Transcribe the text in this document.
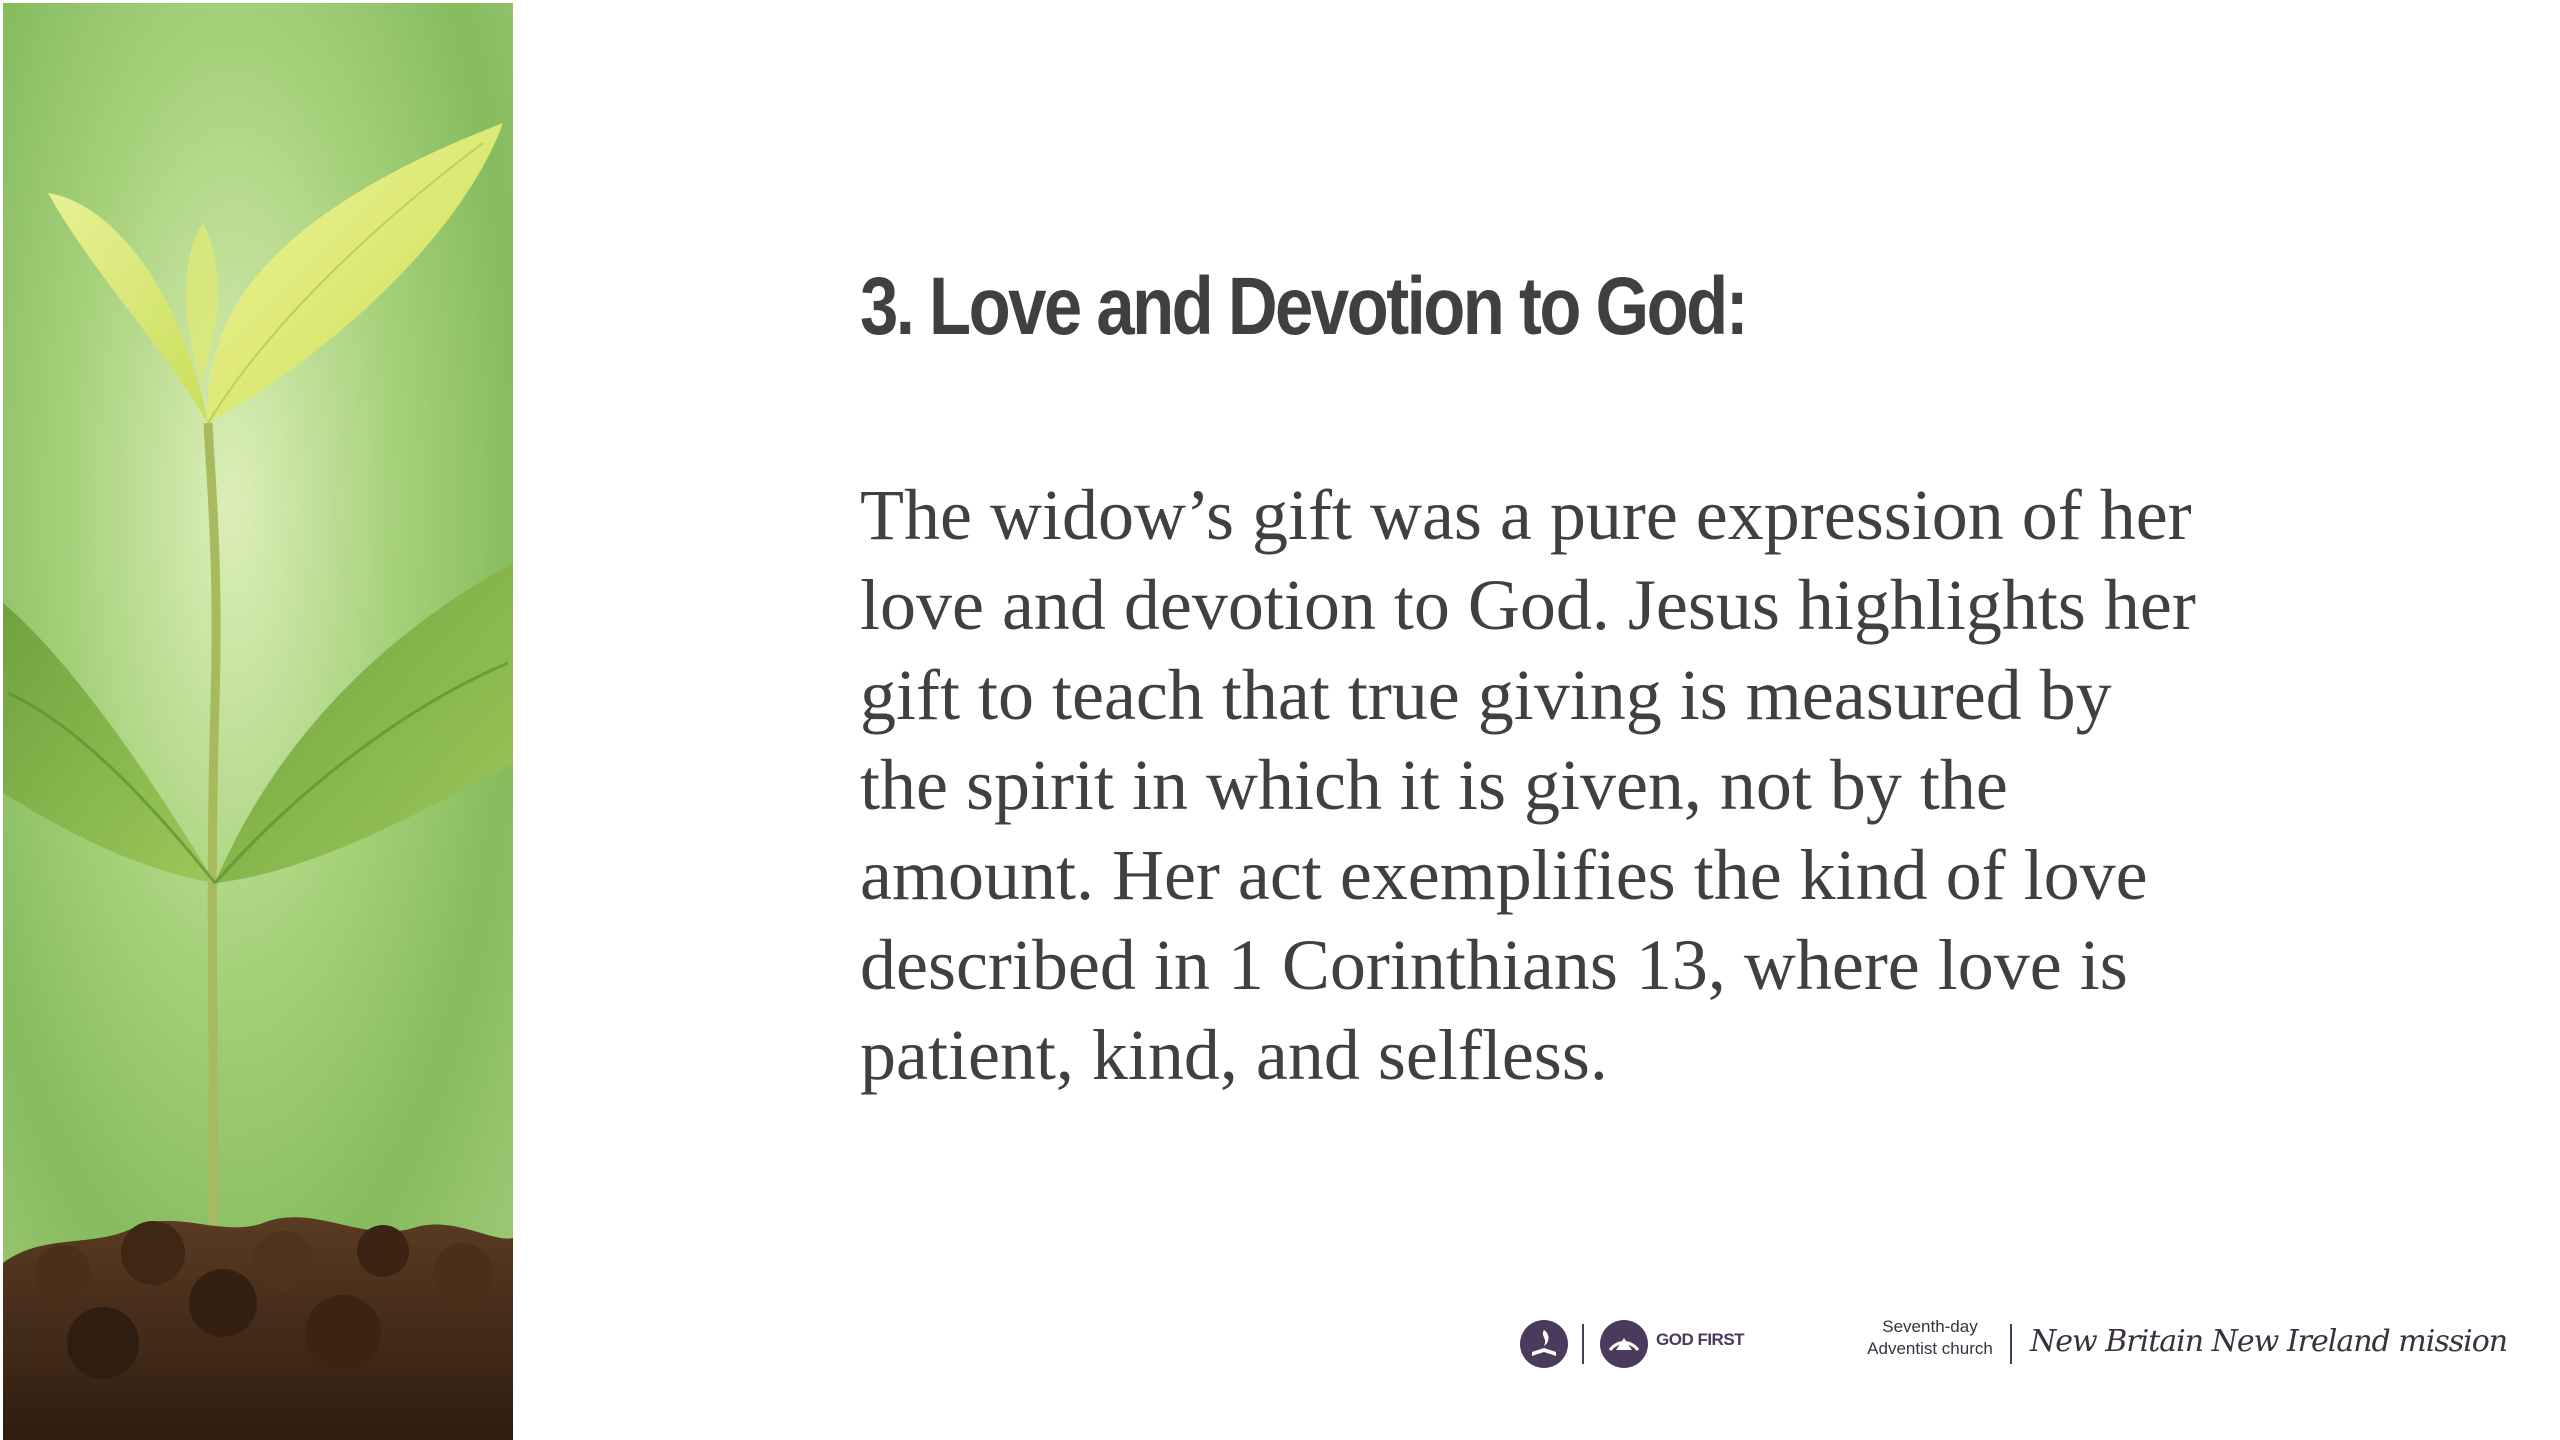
3. Love and Devotion to God:

The widow’s gift was a pure expression of her
love and devotion to God. Jesus highlights her
gift to teach that true giving is measured by
the spirit in which it is given, not by the
amount. Her act exemplifies the kind of love
described in 1 Corinthians 13, where love is
patient, kind, and selfless.

GOD FIRST
Seventh-day
Adventist church New Britain New Ireland mission
